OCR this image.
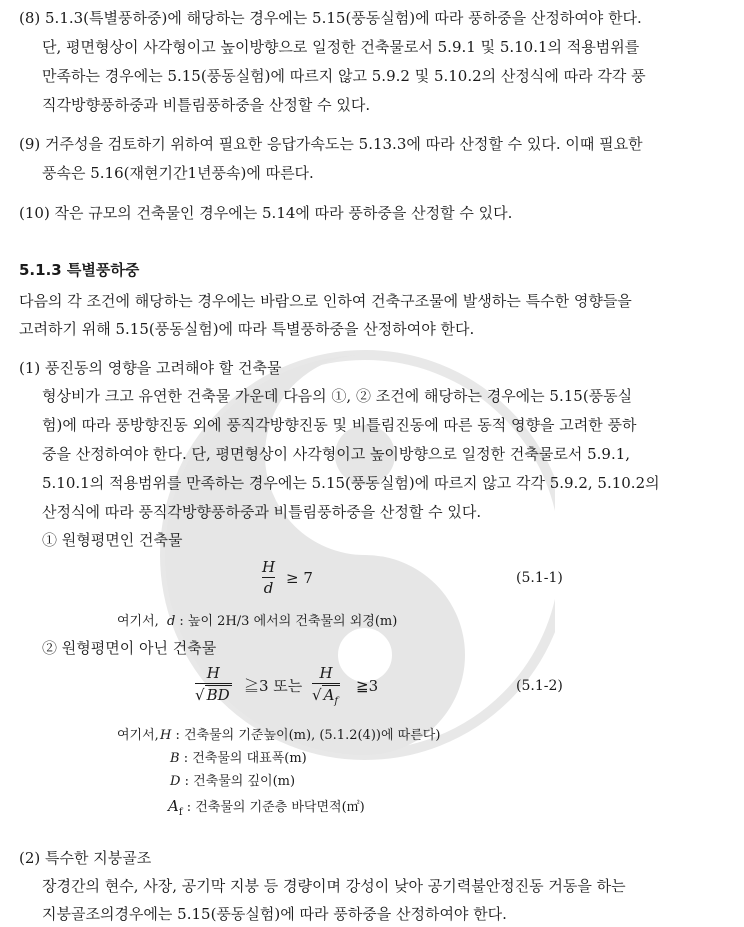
(8) 5.1.3(특별풍하중)에 해당하는 경우에는 5.15(풍동실험)에 따라 풍하중을 산정하여야 한다.
단, 평면형상이 사각형이고 높이방향으로 일정한 건축물로서 5.9.1 및 5.10.1의 적용범위를
만족하는 경우에는 5.15(풍동실험)에 따르지 않고 5.9.2 및 5.10.2의 산정식에 따라 각각 풍
직각방향풍하중과 비틀림풍하중을 산정할 수 있다.
(9) 거주성을 검토하기 위하여 필요한 응답가속도는 5.13.3에 따라 산정할 수 있다. 이때 필요한
풍속은 5.16(재현기간1년풍속)에 따른다.
(10) 작은 규모의 건축물인 경우에는 5.14에 따라 풍하중을 산정할 수 있다.
5.1.3 특별풍하중
다음의 각 조건에 해당하는 경우에는 바람으로 인하여 건축구조물에 발생하는 특수한 영향들을
고려하기 위해 5.15(풍동실험)에 따라 특별풍하중을 산정하여야 한다.
(1) 풍진동의 영향을 고려해야 할 건축물
형상비가 크고 유연한 건축물 가운데 다음의 ①, ② 조건에 해당하는 경우에는 5.15(풍동실
험)에 따라 풍방향진동 외에 풍직각방향진동 및 비틀림진동에 따른 동적 영향을 고려한 풍하
중을 산정하여야 한다. 단, 평면형상이 사각형이고 높이방향으로 일정한 건축물로서 5.9.1,
5.10.1의 적용범위를 만족하는 경우에는 5.15(풍동실험)에 따르지 않고 각각 5.9.2, 5.10.2의
산정식에 따라 풍직각방향풍하중과 비틀림풍하중을 산정할 수 있다.
① 원형평면인 건축물
H
d
≥ 7	(5.1-1)
여기서, d : 높이 2H/3 에서의 건축물의 외경(m)
② 원형평면이 아닌 건축물
H
√ BD ≧3 또는
H
√ $A_f$
≧3	(5.1-2)
여기서, H : 건축물의 기준높이(m), (5.1.2(4))에 따른다)
B : 건축물의 대표폭(m)
D : 건축물의 깊이(m)
$A_f$ : 건축물의 기준층 바닥면적(㎡)
(2) 특수한 지붕골조
장경간의 현수, 사장, 공기막 지붕 등 경량이며 강성이 낮아 공기력불안정진동 거동을 하는
지붕골조의경우에는 5.15(풍동실험)에 따라 풍하중을 산정하여야 한다.
